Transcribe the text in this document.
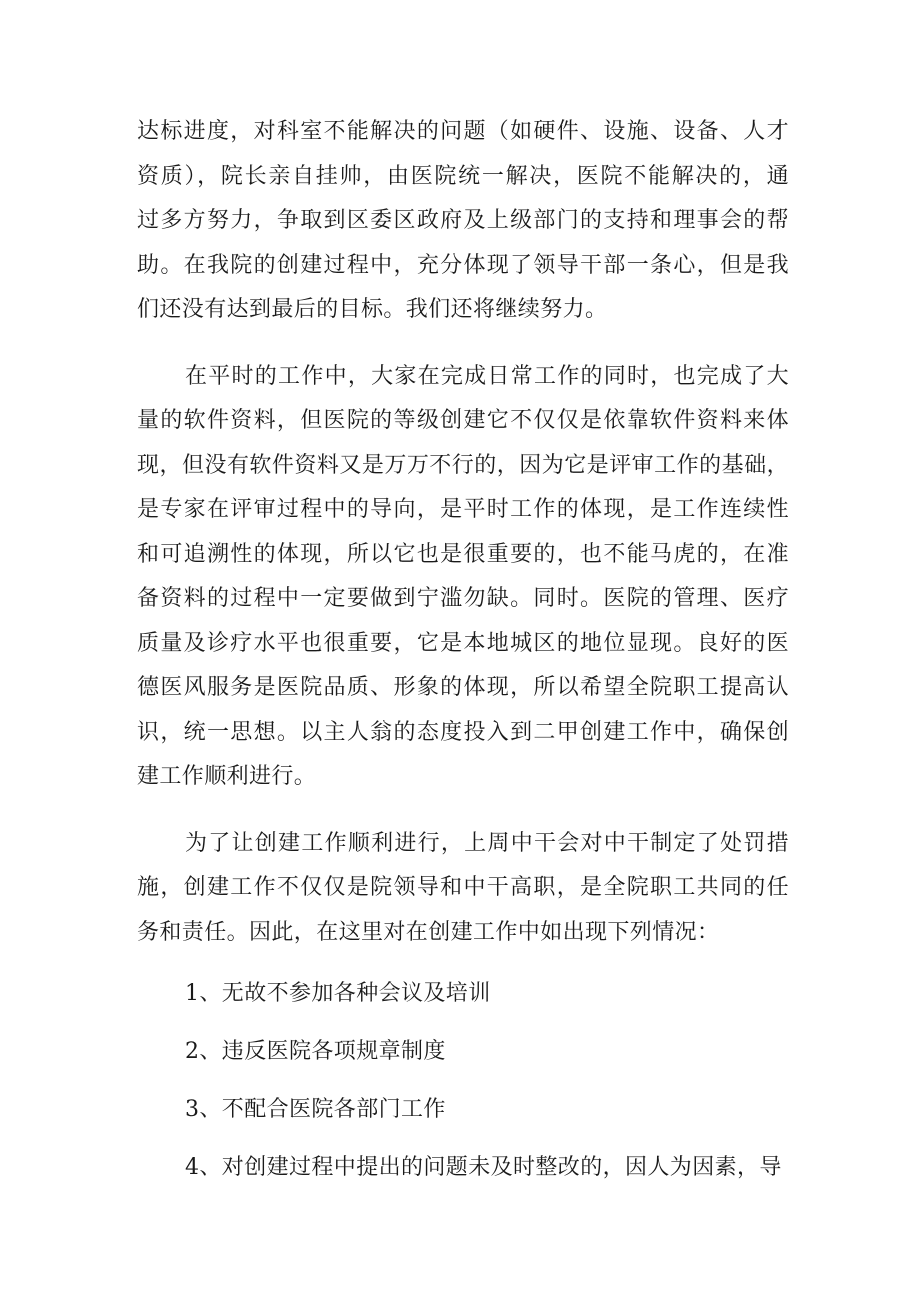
达标进度，对科室不能解决的问题（如硬件、设施、设备、人才
资质），院长亲自挂帅，由医院统一解决，医院不能解决的，通
过多方努力，争取到区委区政府及上级部门的支持和理事会的帮
助。在我院的创建过程中，充分体现了领导干部一条心，但是我
们还没有达到最后的目标。我们还将继续努力。
在平时的工作中，大家在完成日常工作的同时，也完成了大
量的软件资料，但医院的等级创建它不仅仅是依靠软件资料来体
现，但没有软件资料又是万万不行的，因为它是评审工作的基础，
是专家在评审过程中的导向，是平时工作的体现，是工作连续性
和可追溯性的体现，所以它也是很重要的，也不能马虎的，在准
备资料的过程中一定要做到宁滥勿缺。同时。医院的管理、医疗
质量及诊疗水平也很重要，它是本地城区的地位显现。良好的医
德医风服务是医院品质、形象的体现，所以希望全院职工提高认
识，统一思想。以主人翁的态度投入到二甲创建工作中，确保创
建工作顺利进行。
为了让创建工作顺利进行，上周中干会对中干制定了处罚措
施，创建工作不仅仅是院领导和中干高职，是全院职工共同的任
务和责任。因此，在这里对在创建工作中如出现下列情况：
1、无故不参加各种会议及培训
2、违反医院各项规章制度
3、不配合医院各部门工作
4、对创建过程中提出的问题未及时整改的，因人为因素，导
